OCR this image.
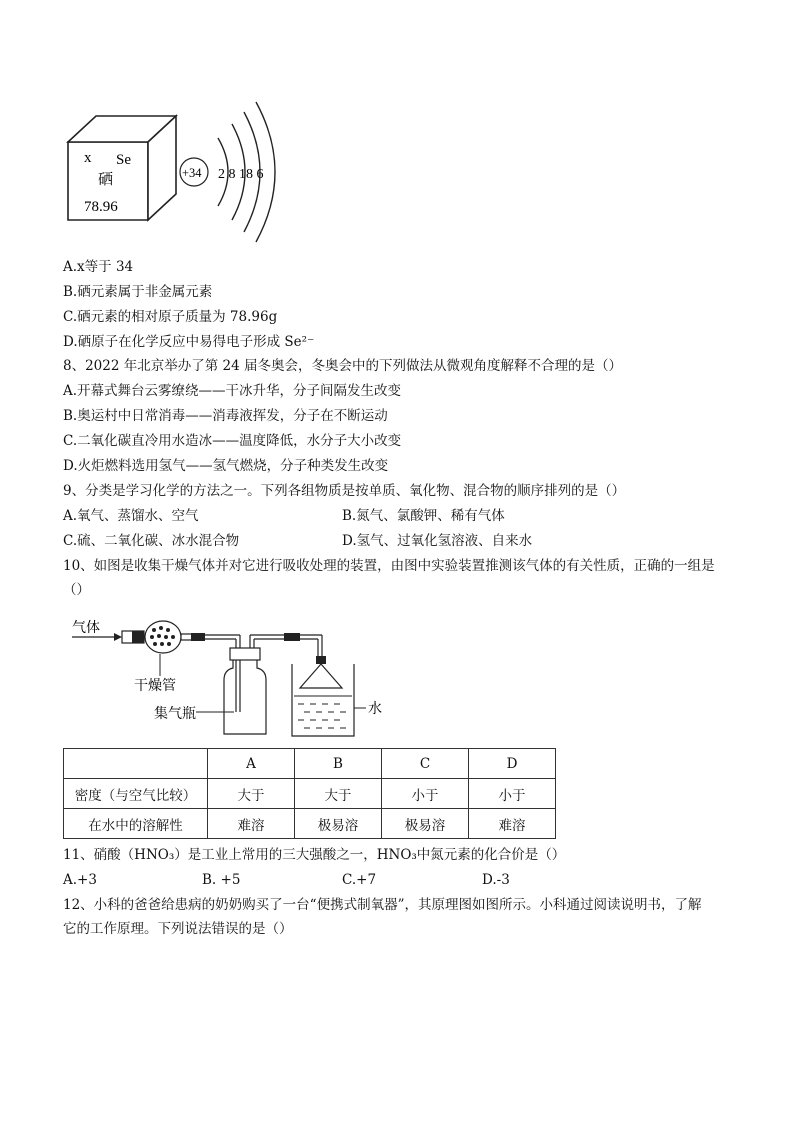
x Se
硒
78.96
+34 2 8 18 6
A.x等于 34
B.硒元素属于非金属元素
C.硒元素的相对原子质量为 78.96g
D.硒原子在化学反应中易得电子形成 Se²⁻
8、2022 年北京举办了第 24 届冬奥会，冬奥会中的下列做法从微观角度解释不合理的是（）
A.开幕式舞台云雾缭绕——干冰升华，分子间隔发生改变
B.奥运村中日常消毒——消毒液挥发，分子在不断运动
C.二氧化碳直冷用水造冰——温度降低，水分子大小改变
D.火炬燃料选用氢气——氢气燃烧，分子种类发生改变
9、分类是学习化学的方法之一。下列各组物质是按单质、氧化物、混合物的顺序排列的是（）
A.氧气、蒸馏水、空气	B.氮气、氯酸钾、稀有气体
C.硫、二氧化碳、冰水混合物	D.氢气、过氧化氢溶液、自来水
10、如图是收集干燥气体并对它进行吸收处理的装置，由图中实验装置推测该气体的有关性质，正确的一组是
（）
气体
干燥管
集气瓶	水
	A	B	C	D
密度（与空气比较）	大于	大于	小于	小于
在水中的溶解性	难溶	极易溶	极易溶	难溶
11、硝酸（HNO₃）是工业上常用的三大强酸之一，HNO₃中氮元素的化合价是（）
A.+3	B. +5	C.+7	D.-3
12、小科的爸爸给患病的奶奶购买了一台“便携式制氧器”，其原理图如图所示。小科通过阅读说明书，了解
它的工作原理。下列说法错误的是（）
